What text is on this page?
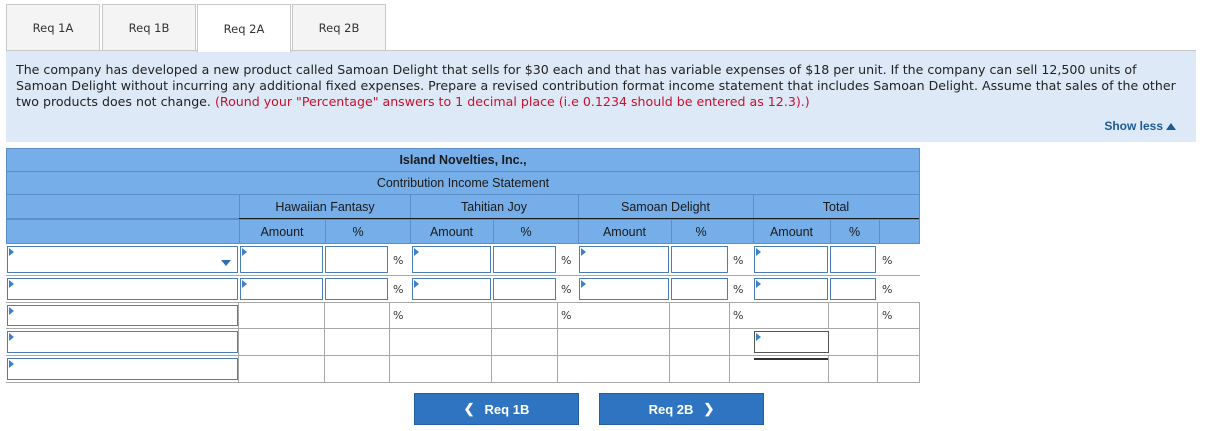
Req 1A	Req 1B	Req 2A	Req 2B
The company has developed a new product called Samoan Delight that sells for $30 each and that has variable expenses of $18 per unit. If the company can sell 12,500 units of Samoan Delight without incurring any additional fixed expenses. Prepare a revised contribution format income statement that includes Samoan Delight. Assume that sales of the other two products does not change. (Round your "Percentage" answers to 1 decimal place (i.e 0.1234 should be entered as 12.3).)
Show less
Island Novelties, Inc.,
Contribution Income Statement
Hawaiian Fantasy	Tahitian Joy	Samoan Delight	Total
Amount	%	Amount	%	Amount	%	Amount	%
%	%	%	%
%	%	%	%
%	%	%	%
❮ Req 1B	Req 2B ❯
